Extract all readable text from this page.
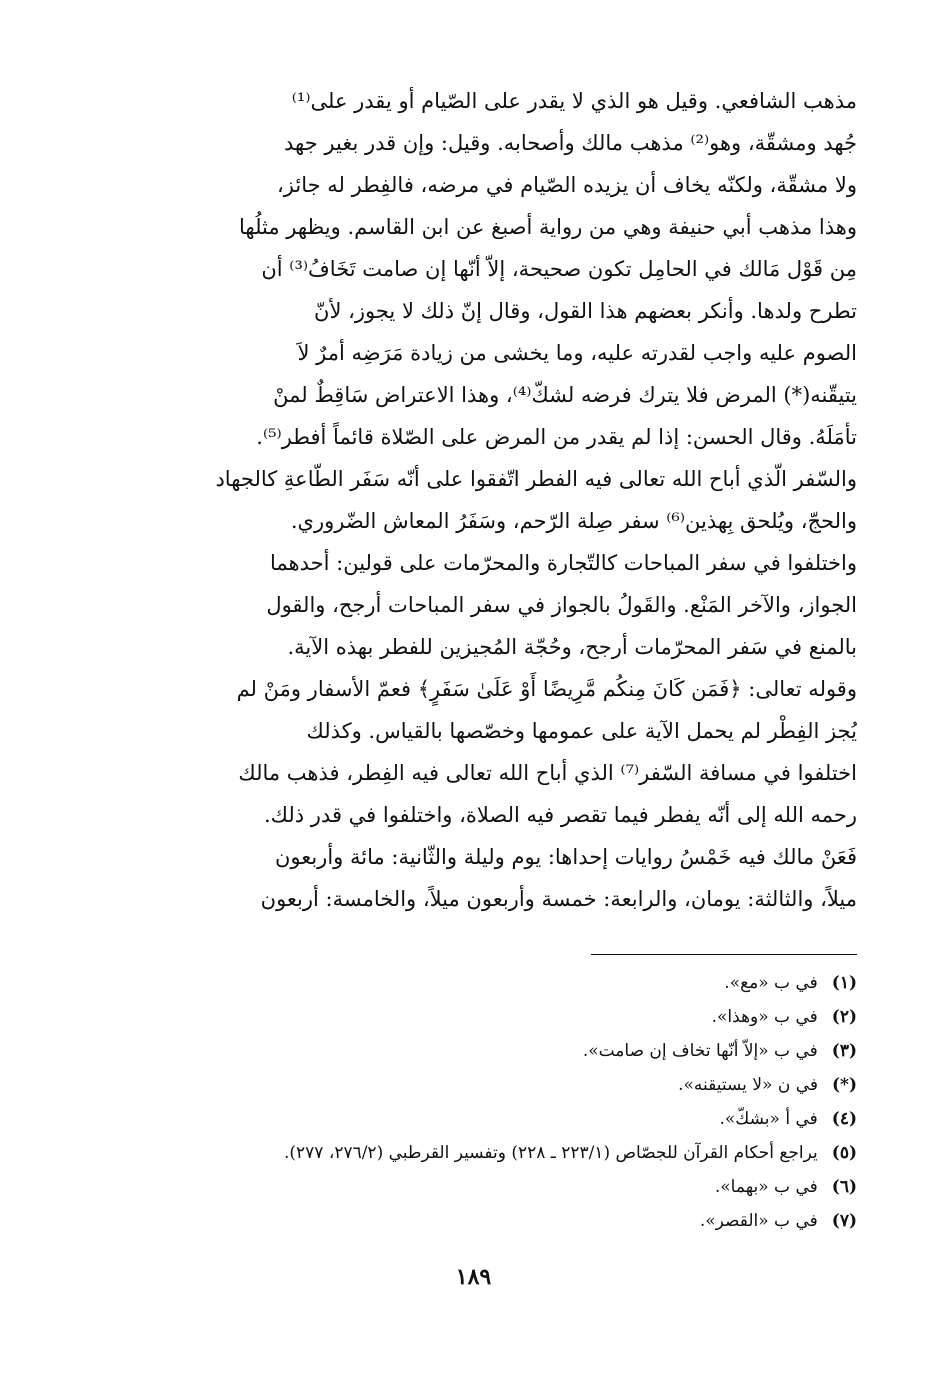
مذهب الشافعي. وقيل هو الذي لا يقدر على الصّيام أو يقدر على⁽¹⁾
جُهد ومشقّة، وهو⁽²⁾ مذهب مالك وأصحابه. وقيل: وإن قدر بغير جهد
ولا مشقّة، ولكنّه يخاف أن يزيده الصّيام في مرضه، فالفِطر له جائز،
وهذا مذهب أبي حنيفة وهي من رواية أصبغ عن ابن القاسم. ويظهر مثلُها
مِن قَوْل مَالك في الحامِل تكون صحيحة، إلاّ أنّها إن صامت تَخَافُ⁽³⁾ أن
تطرح ولدها. وأنكر بعضهم هذا القول، وقال إنّ ذلك لا يجوز، لأنّ
الصوم عليه واجب لقدرته عليه، وما يخشى من زيادة مَرَضِه أمرٌ لاَ
يتيقّنه(*) المرض فلا يترك فرضه لشكّ⁽⁴⁾، وهذا الاعتراض سَاقِطٌ لمنْ
تأمَلَهُ. وقال الحسن: إذا لم يقدر من المرض على الصّلاة قائماً أفطر⁽⁵⁾.
والسّفر الّذي أباح الله تعالى فيه الفطر اتّفقوا على أنّه سَفَر الطّاعةِ كالجهاد
والحجّ، ويُلحق بِهذين⁽⁶⁾ سفر صِلة الرّحم، وسَفَرُ المعاش الضّروري.
واختلفوا في سفر المباحات كالتّجارة والمحرّمات على قولين: أحدهما
الجواز، والآخر المَنْع. والقَولُ بالجواز في سفر المباحات أرجح، والقول
بالمنع في سَفر المحرّمات أرجح، وحُجّة المُجيزين للفطر بهذه الآية.
وقوله تعالى: ﴿فَمَن كَانَ مِنكُم مَّرِيضًا أَوْ عَلَىٰ سَفَرٍ﴾ فعمّ الأسفار ومَنْ لم
يُجز الفِطْر لم يحمل الآية على عمومها وخصّصها بالقياس. وكذلك
اختلفوا في مسافة السّفر⁽⁷⁾ الذي أباح الله تعالى فيه الفِطر، فذهب مالك
رحمه الله إلى أنّه يفطر فيما تقصر فيه الصلاة، واختلفوا في قدر ذلك.
فَعَنْ مالك فيه خَمْسُ روايات إحداها: يوم وليلة والثّانية: مائة وأربعون
ميلاً، والثالثة: يومان، والرابعة: خمسة وأربعون ميلاً، والخامسة: أربعون
(١)في ب «مع».
(٢)في ب «وهذا».
(٣)في ب «إلاّ أنّها تخاف إن صامت».
(*)في ن «لا يستيقنه».
(٤)في أ «بشكّ».
(٥)يراجع أحكام القرآن للجصّاص (٢٢٣/١ ـ ٢٢٨) وتفسير القرطبي (٢٧٦/٢، ٢٧٧).
(٦)في ب «بهما».
(٧)في ب «القصر».
١٨٩
